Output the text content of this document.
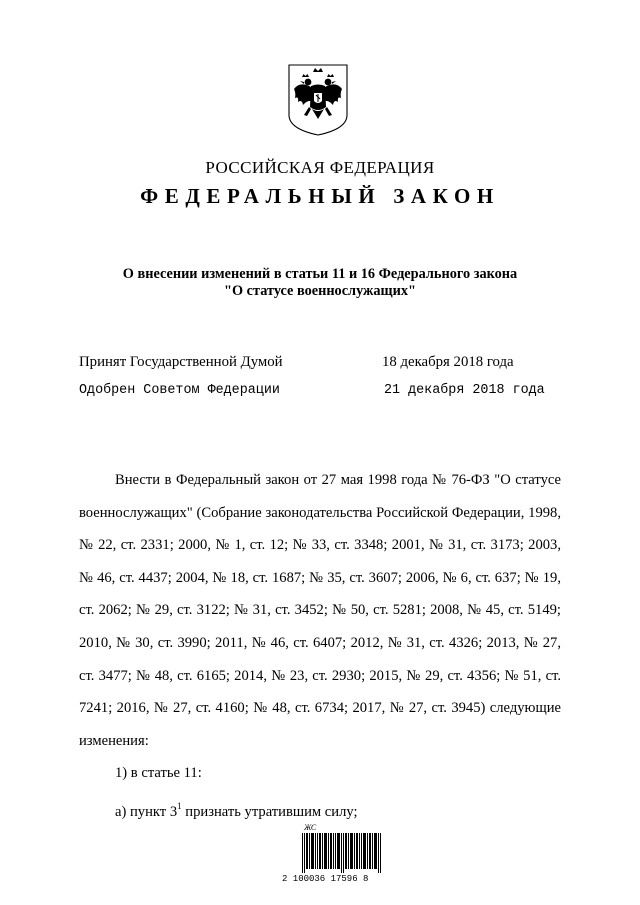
РОССИЙСКАЯ ФЕДЕРАЦИЯ
ФЕДЕРАЛЬНЫЙ ЗАКОН
О внесении изменений в статьи 11 и 16 Федерального закона
"О статусе военнослужащих"
Принят Государственной Думой	18 декабря 2018 года
Одобрен Советом Федерации	21 декабря 2018 года

Внести в Федеральный закон от 27 мая 1998 года № 76-ФЗ "О статусе военнослужащих" (Собрание законодательства Российской Федерации, 1998, № 22, ст. 2331; 2000, № 1, ст. 12; № 33, ст. 3348; 2001, № 31, ст. 3173; 2003, № 46, ст. 4437; 2004, № 18, ст. 1687; № 35, ст. 3607; 2006, № 6, ст. 637; № 19, ст. 2062; № 29, ст. 3122; № 31, ст. 3452; № 50, ст. 5281; 2008, № 45, ст. 5149; 2010, № 30, ст. 3990; 2011, № 46, ст. 6407; 2012, № 31, ст. 4326; 2013, № 27, ст. 3477; № 48, ст. 6165; 2014, № 23, ст. 2930; 2015, № 29, ст. 4356; № 51, ст. 7241; 2016, № 27, ст. 4160; № 48, ст. 6734; 2017, № 27, ст. 3945) следующие изменения:

1) в статье 11:

а) пункт $3^1$ признать утратившим силу;

ЖС
2 100036 17596 8
